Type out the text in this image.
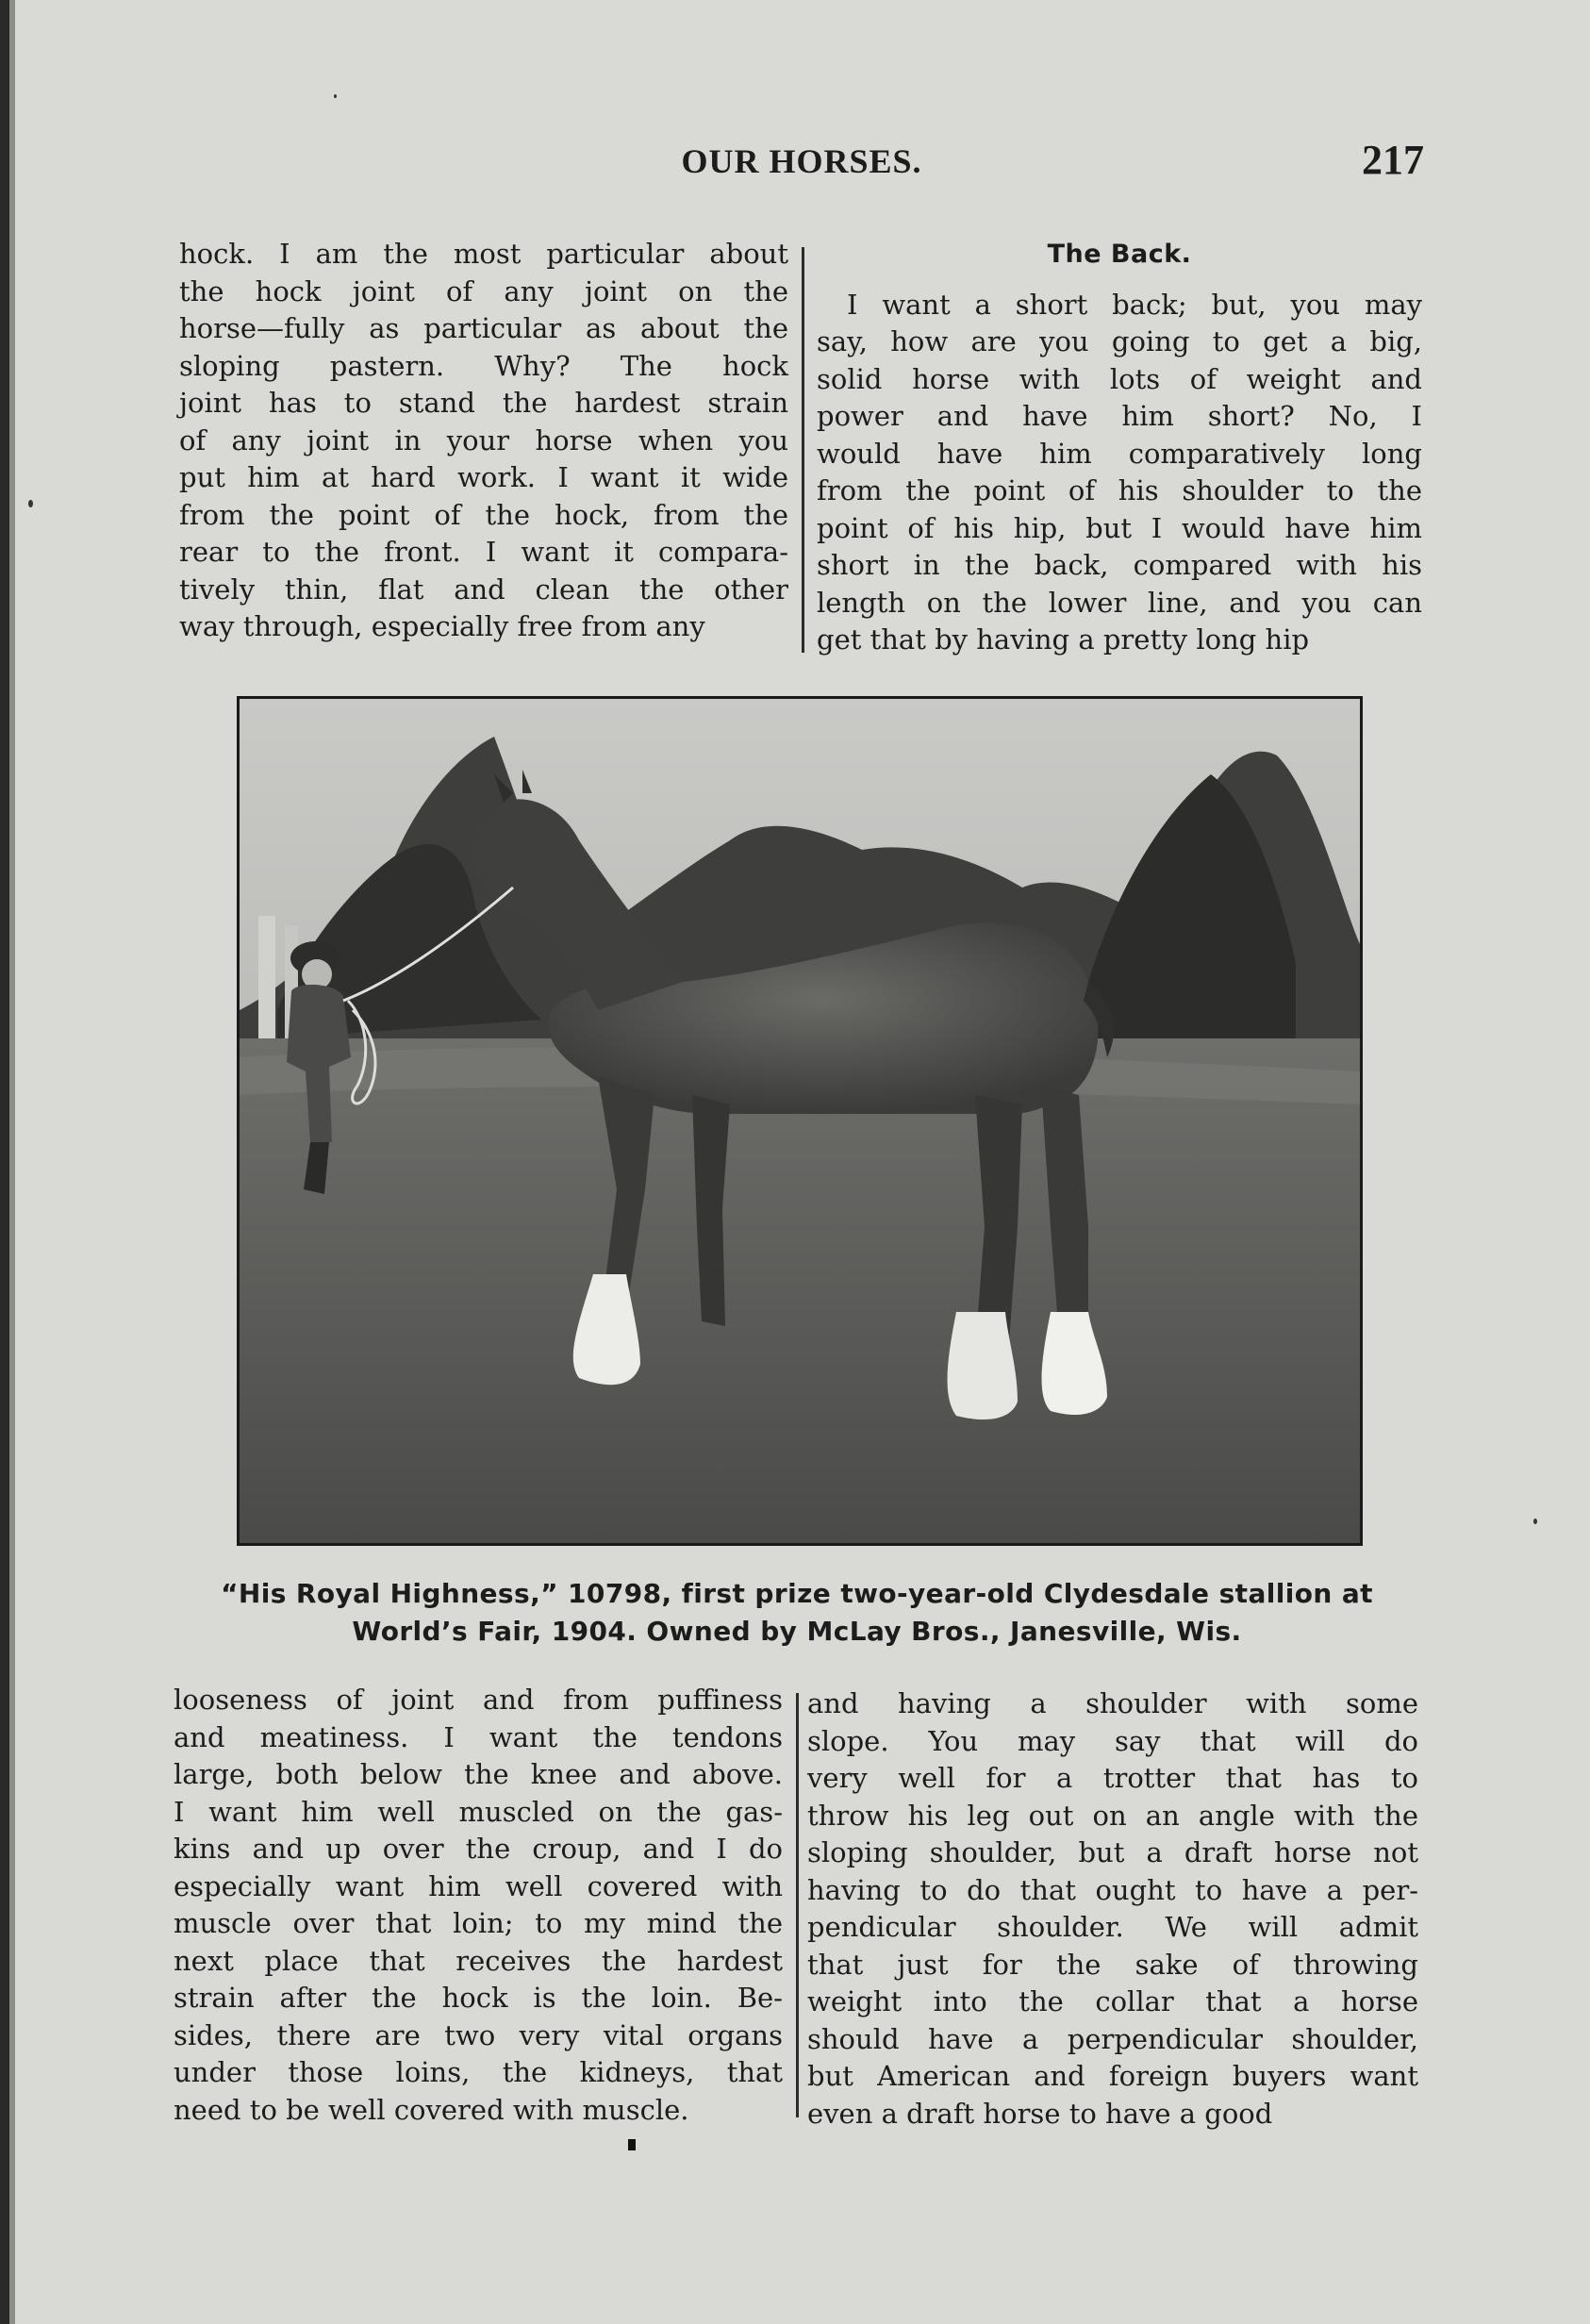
OUR HORSES.	217
hock. I am the most particular about
the hock joint of any joint on the
horse—fully as particular as about the
sloping pastern. Why? The hock
joint has to stand the hardest strain
of any joint in your horse when you
put him at hard work. I want it wide
from the point of the hock, from the
rear to the front. I want it compara-
tively thin, flat and clean the other
way through, especially free from any
The Back.
I want a short back; but, you may
say, how are you going to get a big,
solid horse with lots of weight and
power and have him short? No, I
would have him comparatively long
from the point of his shoulder to the
point of his hip, but I would have him
short in the back, compared with his
length on the lower line, and you can
get that by having a pretty long hip
“His Royal Highness,” 10798, first prize two-year-old Clydesdale stallion at
World’s Fair, 1904. Owned by McLay Bros., Janesville, Wis.
looseness of joint and from puffiness
and meatiness. I want the tendons
large, both below the knee and above.
I want him well muscled on the gas-
kins and up over the croup, and I do
especially want him well covered with
muscle over that loin; to my mind the
next place that receives the hardest
strain after the hock is the loin. Be-
sides, there are two very vital organs
under those loins, the kidneys, that
need to be well covered with muscle.
and having a shoulder with some
slope. You may say that will do
very well for a trotter that has to
throw his leg out on an angle with the
sloping shoulder, but a draft horse not
having to do that ought to have a per-
pendicular shoulder. We will admit
that just for the sake of throwing
weight into the collar that a horse
should have a perpendicular shoulder,
but American and foreign buyers want
even a draft horse to have a good
